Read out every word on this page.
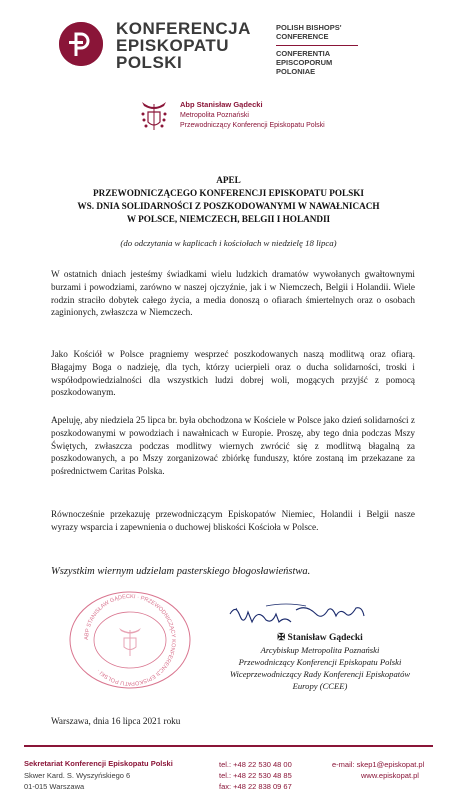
KONFERENCJA
EPISKOPATU
POLSKI
POLISH BISHOPS'
CONFERENCE
CONFERENTIA
EPISCOPORUM
POLONIAE
Abp Stanisław Gądecki
Metropolita Poznański
Przewodniczący Konferencji Episkopatu Polski
APEL
PRZEWODNICZĄCEGO KONFERENCJI EPISKOPATU POLSKI
WS. DNIA SOLIDARNOŚCI Z POSZKODOWANYMI W NAWAŁNICACH
W POLSCE, NIEMCZECH, BELGII I HOLANDII
(do odczytania w kaplicach i kościołach w niedzielę 18 lipca)
W ostatnich dniach jesteśmy świadkami wielu ludzkich dramatów wywołanych gwałtownymi burzami i powodziami, zarówno w naszej ojczyźnie, jak i w Niemczech, Belgii i Holandii. Wiele rodzin straciło dobytek całego życia, a media donoszą o ofiarach śmiertelnych oraz o osobach zaginionych, zwłaszcza w Niemczech.
Jako Kościół w Polsce pragniemy wesprzeć poszkodowanych naszą modlitwą oraz ofiarą. Błagajmy Boga o nadzieję, dla tych, którzy ucierpieli oraz o ducha solidarności, troski i współodpowiedzialności dla wszystkich ludzi dobrej woli, mogących przyjść z pomocą poszkodowanym.
Apeluję, aby niedziela 25 lipca br. była obchodzona w Kościele w Polsce jako dzień solidarności z poszkodowanymi w powodziach i nawałnicach w Europie. Proszę, aby tego dnia podczas Mszy Świętych, zwłaszcza podczas modlitwy wiernych zwrócić się z modlitwą błagalną za poszkodowanych, a po Mszy zorganizować zbiórkę funduszy, które zostaną im przekazane za pośrednictwem Caritas Polska.
Równocześnie przekazuję przewodniczącym Episkopatów Niemiec, Holandii i Belgii nasze wyrazy wsparcia i zapewnienia o duchowej bliskości Kościoła w Polsce.
Wszystkim wiernym udzielam pasterskiego błogosławieństwa.
ABP STANISŁAW GĄDECKI · PRZEWODNICZĄCY KONFERENCJI EPISKOPATU POLSKI ·
✠ Stanisław Gądecki
Arcybiskup Metropolita Poznański
Przewodniczący Konferencji Episkopatu Polski
Wiceprzewodniczący Rady Konferencji Episkopatów
Europy (CCEE)
Warszawa, dnia 16 lipca 2021 roku
Sekretariat Konferencji Episkopatu Polski
Skwer Kard. S. Wyszyńskiego 6
01-015 Warszawa
tel.: +48 22 530 48 00
tel.: +48 22 530 48 85
fax: +48 22 838 09 67
e-mail: skep1@episkopat.pl
www.episkopat.pl
